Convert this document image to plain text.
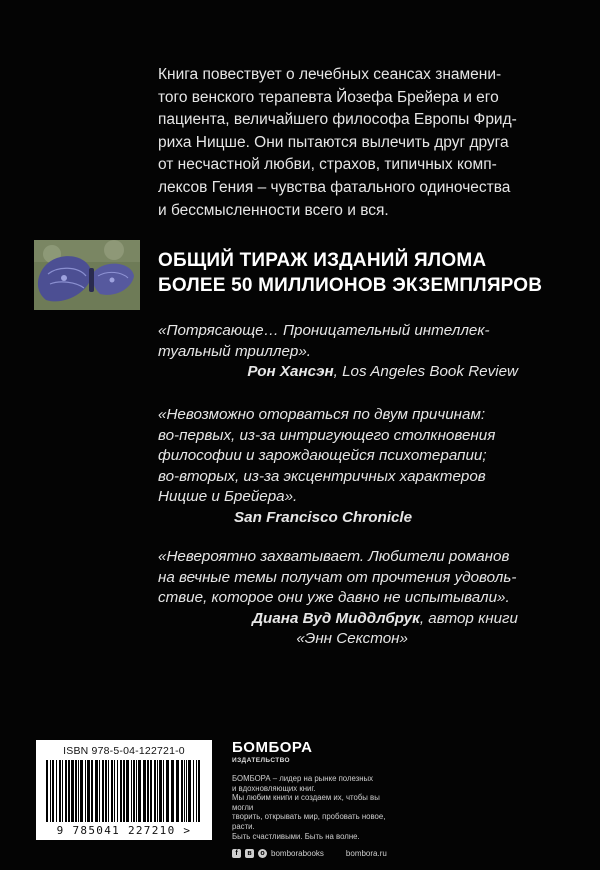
Книга повествует о лечебных сеансах знамени-

того венского терапевта Йозефа Брейера и его

пациента, величайшего философа Европы Фрид-

риха Ницше. Они пытаются вылечить друг друга

от несчастной любви, страхов, типичных комп-

лексов Гения – чувства фатального одиночества

и бессмысленности всего и вся.

ОБЩИЙ ТИРАЖ ИЗДАНИЙ ЯЛОМА
БОЛЕЕ 50 МИЛЛИОНОВ ЭКЗЕМПЛЯРОВ
«Потрясающе… Проницательный интеллек-
туальный триллер».
Рон Хансэн, Los Angeles Book Review
«Невозможно оторваться по двум причинам:
во-первых, из-за интригующего столкновения
философии и зарождающейся психотерапии;
во-вторых, из-за эксцентричных характеров
Ницше и Брейера».
San Francisco Chronicle
«Невероятно захватывает. Любители романов
на вечные темы получат от прочтения удоволь-
ствие, которое они уже давно не испытывали».
Диана Вуд Миддлбрук, автор книги
«Энн Секстон»
ISBN 978-5-04-122721-0
9 785041 227210 >
БОМБОРА
ИЗДАТЕЛЬСТВО
БОМБОРА – лидер на рынке полезных
и вдохновляющих книг.
Мы любим книги и создаем их, чтобы вы могли
творить, открывать мир, пробовать новое, расти.
Быть счастливыми. Быть на волне.
f	в	o bomborabooks	bombora.ru
